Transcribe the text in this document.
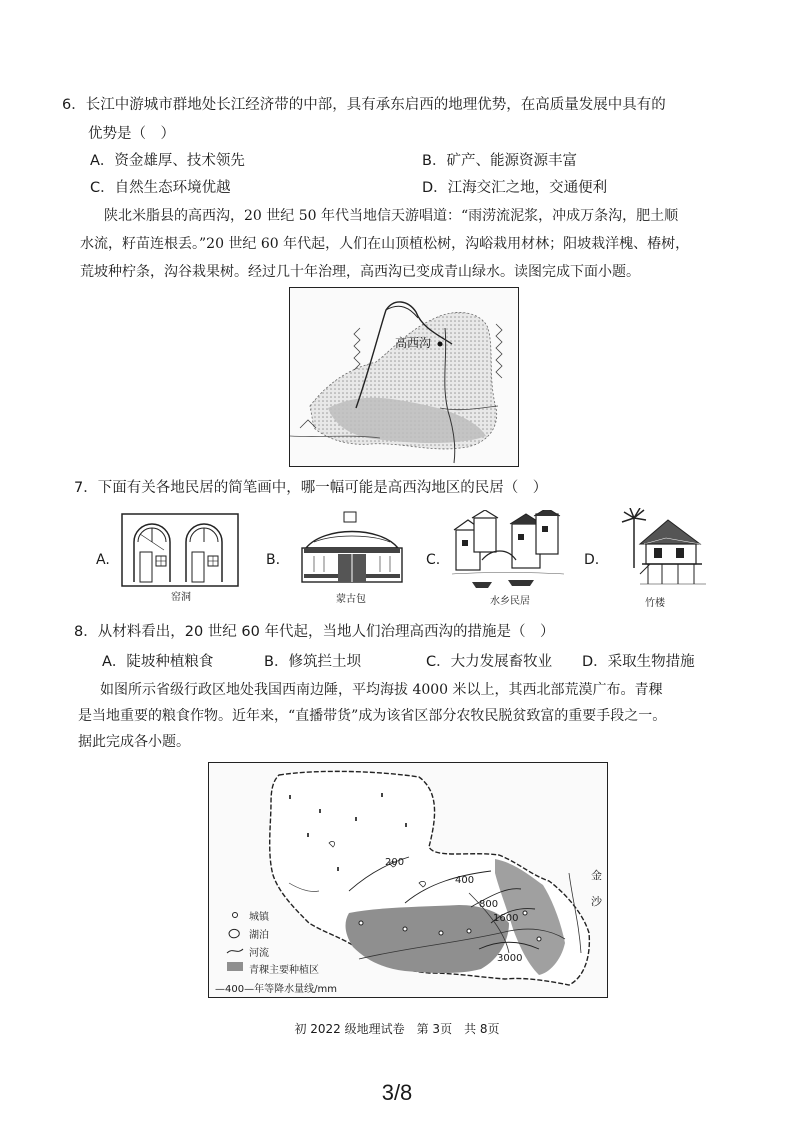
6．长江中游城市群地处长江经济带的中部，具有承东启西的地理优势，在高质量发展中具有的
优势是（　）
A．资金雄厚、技术领先	B．矿产、能源资源丰富
C．自然生态环境优越	D．江海交汇之地，交通便利
陕北米脂县的高西沟，20 世纪 50 年代当地信天游唱道：“雨涝流泥浆，冲成万条沟，肥土顺
水流，籽苗连根丢。”20 世纪 60 年代起，人们在山顶植松树，沟峪栽用材林；阳坡栽洋槐、椿树，
荒坡种柠条，沟谷栽果树。经过几十年治理，高西沟已变成青山绿水。读图完成下面小题。
高西沟
7．下面有关各地民居的简笔画中，哪一幅可能是高西沟地区的民居（　）
A.
窑洞
B.
蒙古包
C.
水乡民居
D.
竹楼
8．从材料看出，20 世纪 60 年代起，当地人们治理高西沟的措施是（　）
A．陡坡种植粮食	B．修筑拦土坝	C．大力发展畜牧业 D．采取生物措施
如图所示省级行政区地处我国西南边陲，平均海拔 4000 米以上，其西北部荒漠广布。青稞
是当地重要的粮食作物。近年来，“直播带货”成为该省区部分农牧民脱贫致富的重要手段之一。
据此完成各小题。
200
400
800
1600
3000
金
沙
城镇
湖泊
河流
青稞主要种植区
—400—年等降水量线/mm
初 2022 级地理试卷　第 3页　共 8页
3/8
